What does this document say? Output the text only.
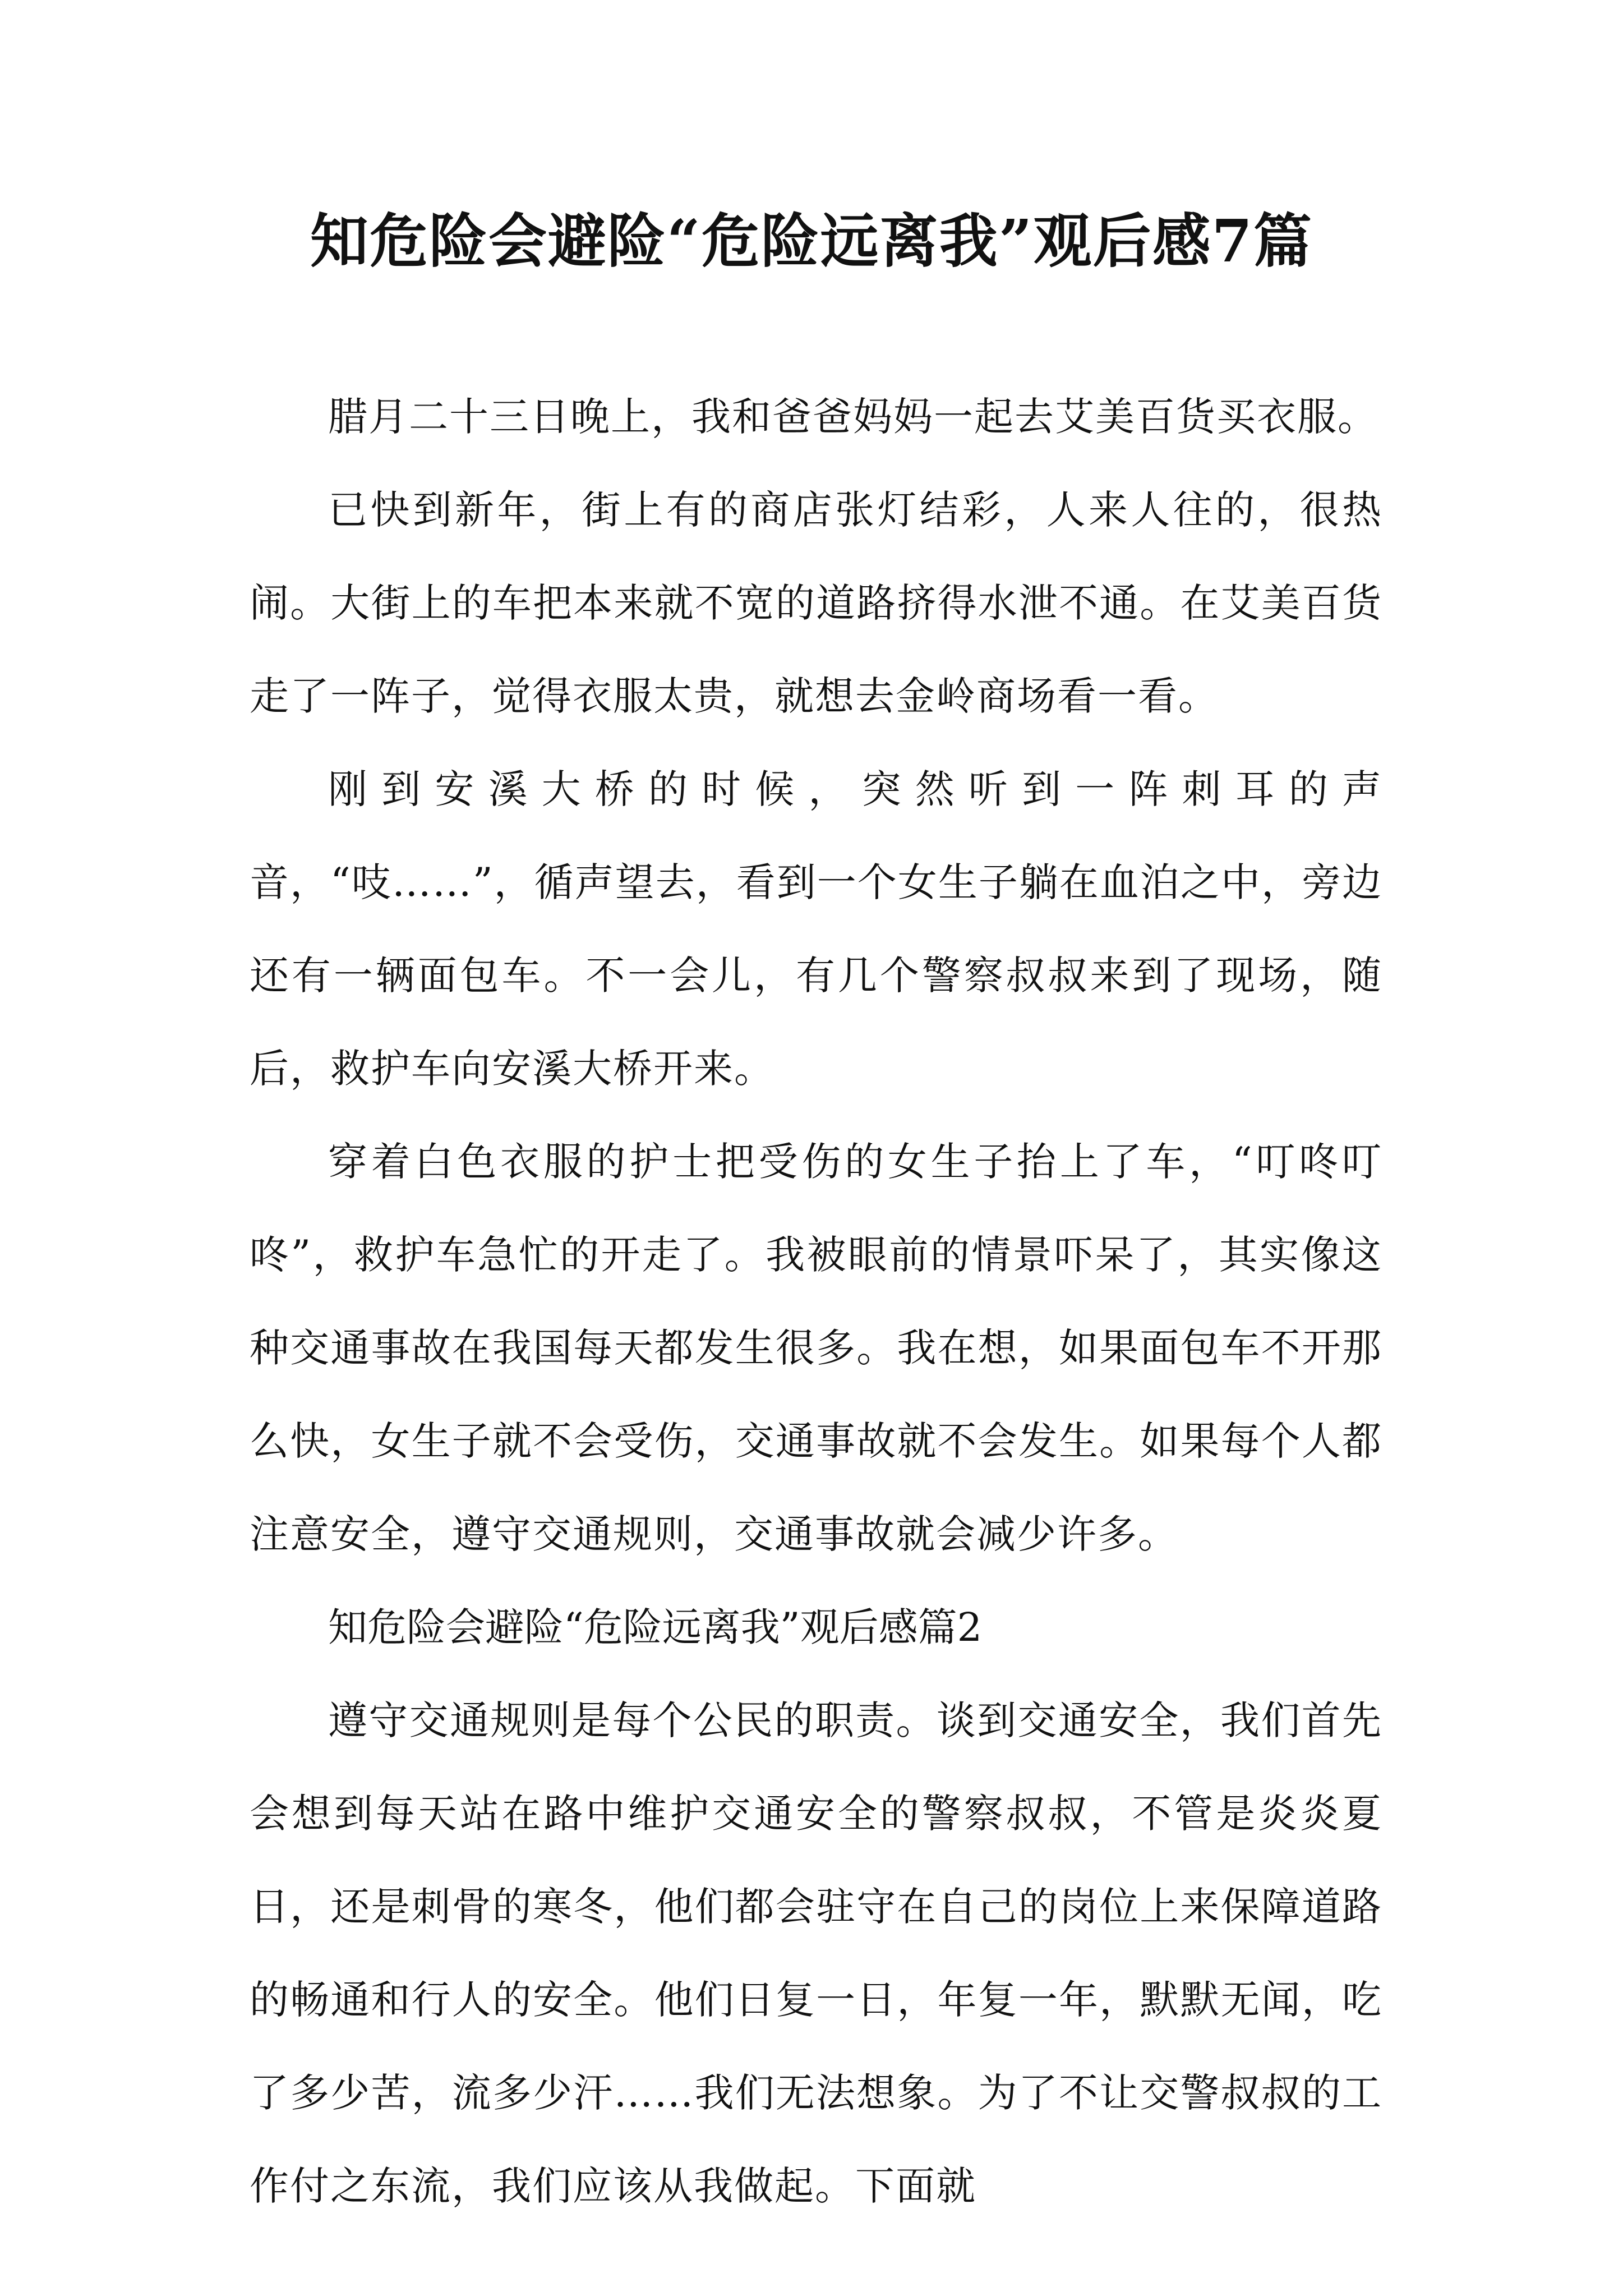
知危险会避险“危险远离我”观后感7篇

腊月二十三日晚上，我和爸爸妈妈一起去艾美百货买衣服。

已快到新年，街上有的商店张灯结彩，人来人往的，很热闹。大街上的车把本来就不宽的道路挤得水泄不通。在艾美百货走了一阵子，觉得衣服太贵，就想去金岭商场看一看。

刚到安溪大桥的时候，突然听到一阵刺耳的声音，“吱……”，循声望去，看到一个女生子躺在血泊之中，旁边还有一辆面包车。不一会儿，有几个警察叔叔来到了现场，随后，救护车向安溪大桥开来。

穿着白色衣服的护士把受伤的女生子抬上了车，“叮咚叮咚”，救护车急忙的开走了。我被眼前的情景吓呆了，其实像这种交通事故在我国每天都发生很多。我在想，如果面包车不开那么快，女生子就不会受伤，交通事故就不会发生。如果每个人都注意安全，遵守交通规则，交通事故就会减少许多。

知危险会避险“危险远离我”观后感篇2

遵守交通规则是每个公民的职责。谈到交通安全，我们首先会想到每天站在路中维护交通安全的警察叔叔，不管是炎炎夏日，还是刺骨的寒冬，他们都会驻守在自己的岗位上来保障道路的畅通和行人的安全。他们日复一日，年复一年，默默无闻，吃了多少苦，流多少汗……我们无法想象。为了不让交警叔叔的工作付之东流，我们应该从我做起。下面就
